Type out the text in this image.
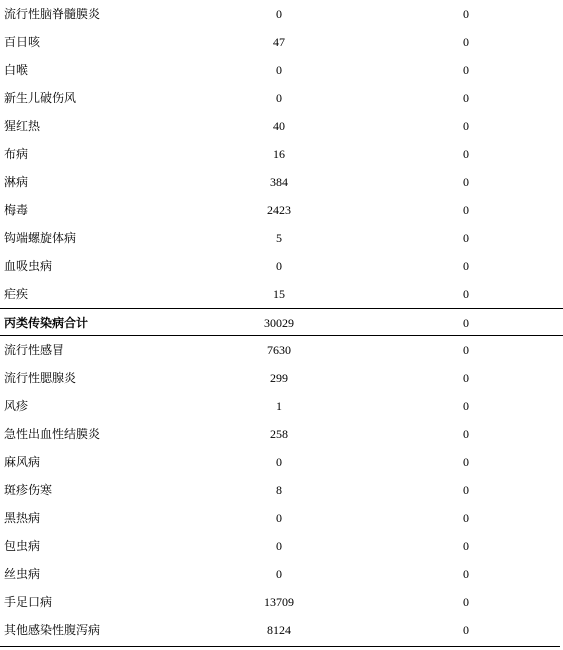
流行性脑脊髓膜炎	0	0
百日咳	47	0
白喉	0	0
新生儿破伤风	0	0
猩红热	40	0
布病	16	0
淋病	384	0
梅毒	2423	0
钩端螺旋体病	5	0
血吸虫病	0	0
疟疾	15	0
丙类传染病合计	30029	0
流行性感冒	7630	0
流行性腮腺炎	299	0
风疹	1	0
急性出血性结膜炎	258	0
麻风病	0	0
斑疹伤寒	8	0
黑热病	0	0
包虫病	0	0
丝虫病	0	0
手足口病	13709	0
其他感染性腹泻病	8124	0
